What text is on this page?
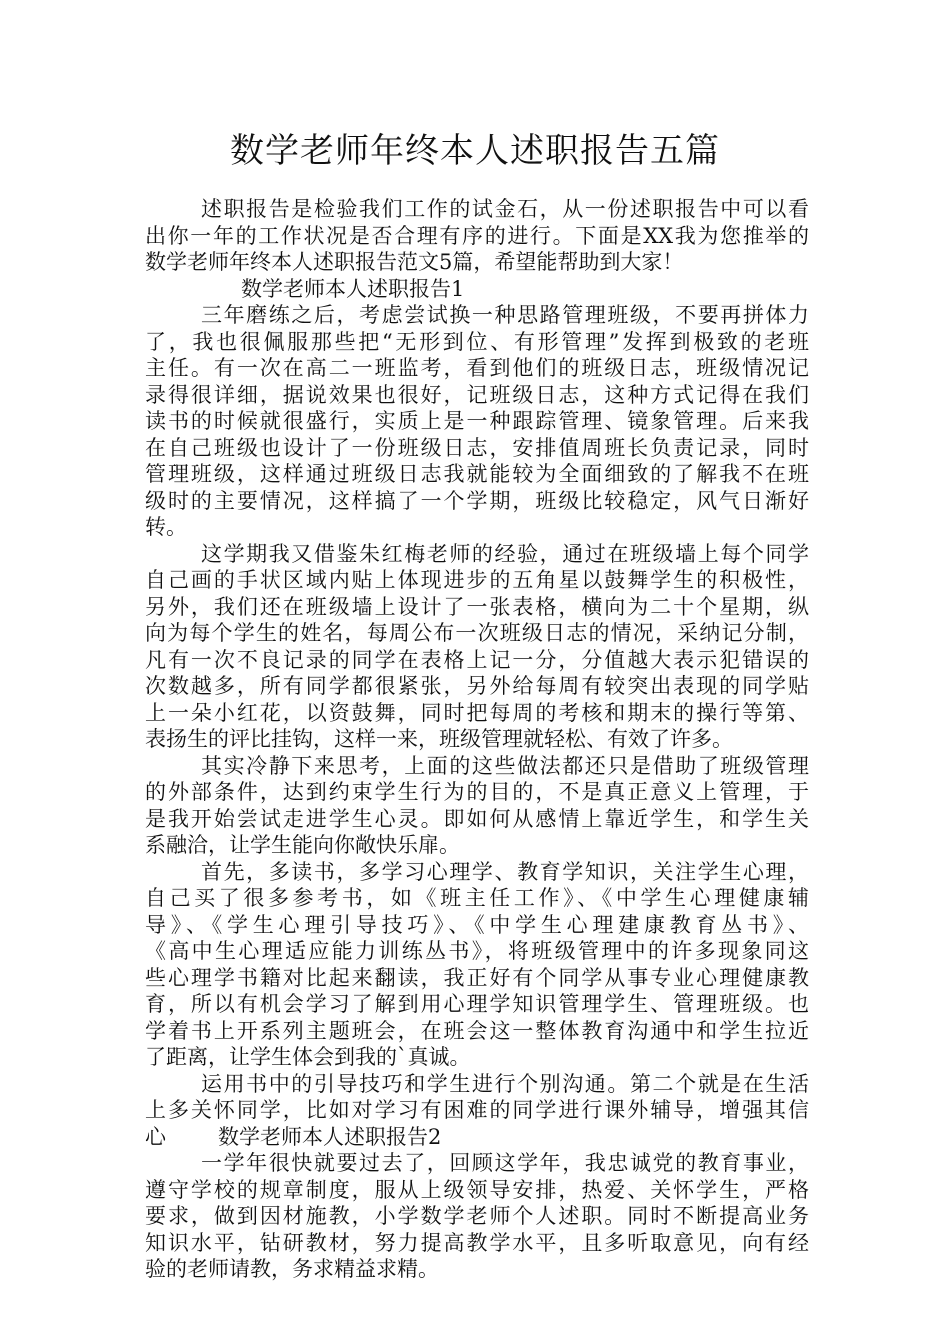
数学老师年终本人述职报告五篇
述职报告是检验我们工作的试金石，从一份述职报告中可以看
出你一年的工作状况是否合理有序的进行。下面是XX我为您推举的
数学老师年终本人述职报告范文5篇，希望能帮助到大家！
数学老师本人述职报告1
三年磨练之后，考虑尝试换一种思路管理班级，不要再拼体力
了，我也很佩服那些把“无形到位、有形管理”发挥到极致的老班
主任。有一次在高二一班监考，看到他们的班级日志，班级情况记
录得很详细，据说效果也很好，记班级日志，这种方式记得在我们
读书的时候就很盛行，实质上是一种跟踪管理、镜象管理。后来我
在自己班级也设计了一份班级日志，安排值周班长负责记录，同时
管理班级，这样通过班级日志我就能较为全面细致的了解我不在班
级时的主要情况，这样搞了一个学期，班级比较稳定，风气日渐好
转。
这学期我又借鉴朱红梅老师的经验，通过在班级墙上每个同学
自己画的手状区域内贴上体现进步的五角星以鼓舞学生的积极性，
另外，我们还在班级墙上设计了一张表格，横向为二十个星期，纵
向为每个学生的姓名，每周公布一次班级日志的情况，采纳记分制，
凡有一次不良记录的同学在表格上记一分，分值越大表示犯错误的
次数越多，所有同学都很紧张，另外给每周有较突出表现的同学贴
上一朵小红花，以资鼓舞，同时把每周的考核和期末的操行等第、
表扬生的评比挂钩，这样一来，班级管理就轻松、有效了许多。
其实冷静下来思考，上面的这些做法都还只是借助了班级管理
的外部条件，达到约束学生行为的目的，不是真正意义上管理，于
是我开始尝试走进学生心灵。即如何从感情上靠近学生，和学生关
系融洽，让学生能向你敞快乐扉。
首先，多读书，多学习心理学、教育学知识，关注学生心理，
自己买了很多参考书，如《班主任工作》、《中学生心理健康辅
导》、《学生心理引导技巧》、《中学生心理建康教育丛书》、
《高中生心理适应能力训练丛书》，将班级管理中的许多现象同这
些心理学书籍对比起来翻读，我正好有个同学从事专业心理健康教
育，所以有机会学习了解到用心理学知识管理学生、管理班级。也
学着书上开系列主题班会，在班会这一整体教育沟通中和学生拉近
了距离，让学生体会到我的`真诚。
运用书中的引导技巧和学生进行个别沟通。第二个就是在生活
上多关怀同学，比如对学习有困难的同学进行课外辅导，增强其信
心 数学老师本人述职报告2
一学年很快就要过去了，回顾这学年，我忠诚党的教育事业，
遵守学校的规章制度，服从上级领导安排，热爱、关怀学生，严格
要求，做到因材施教，小学数学老师个人述职。同时不断提高业务
知识水平，钻研教材，努力提高教学水平，且多听取意见，向有经
验的老师请教，务求精益求精。
